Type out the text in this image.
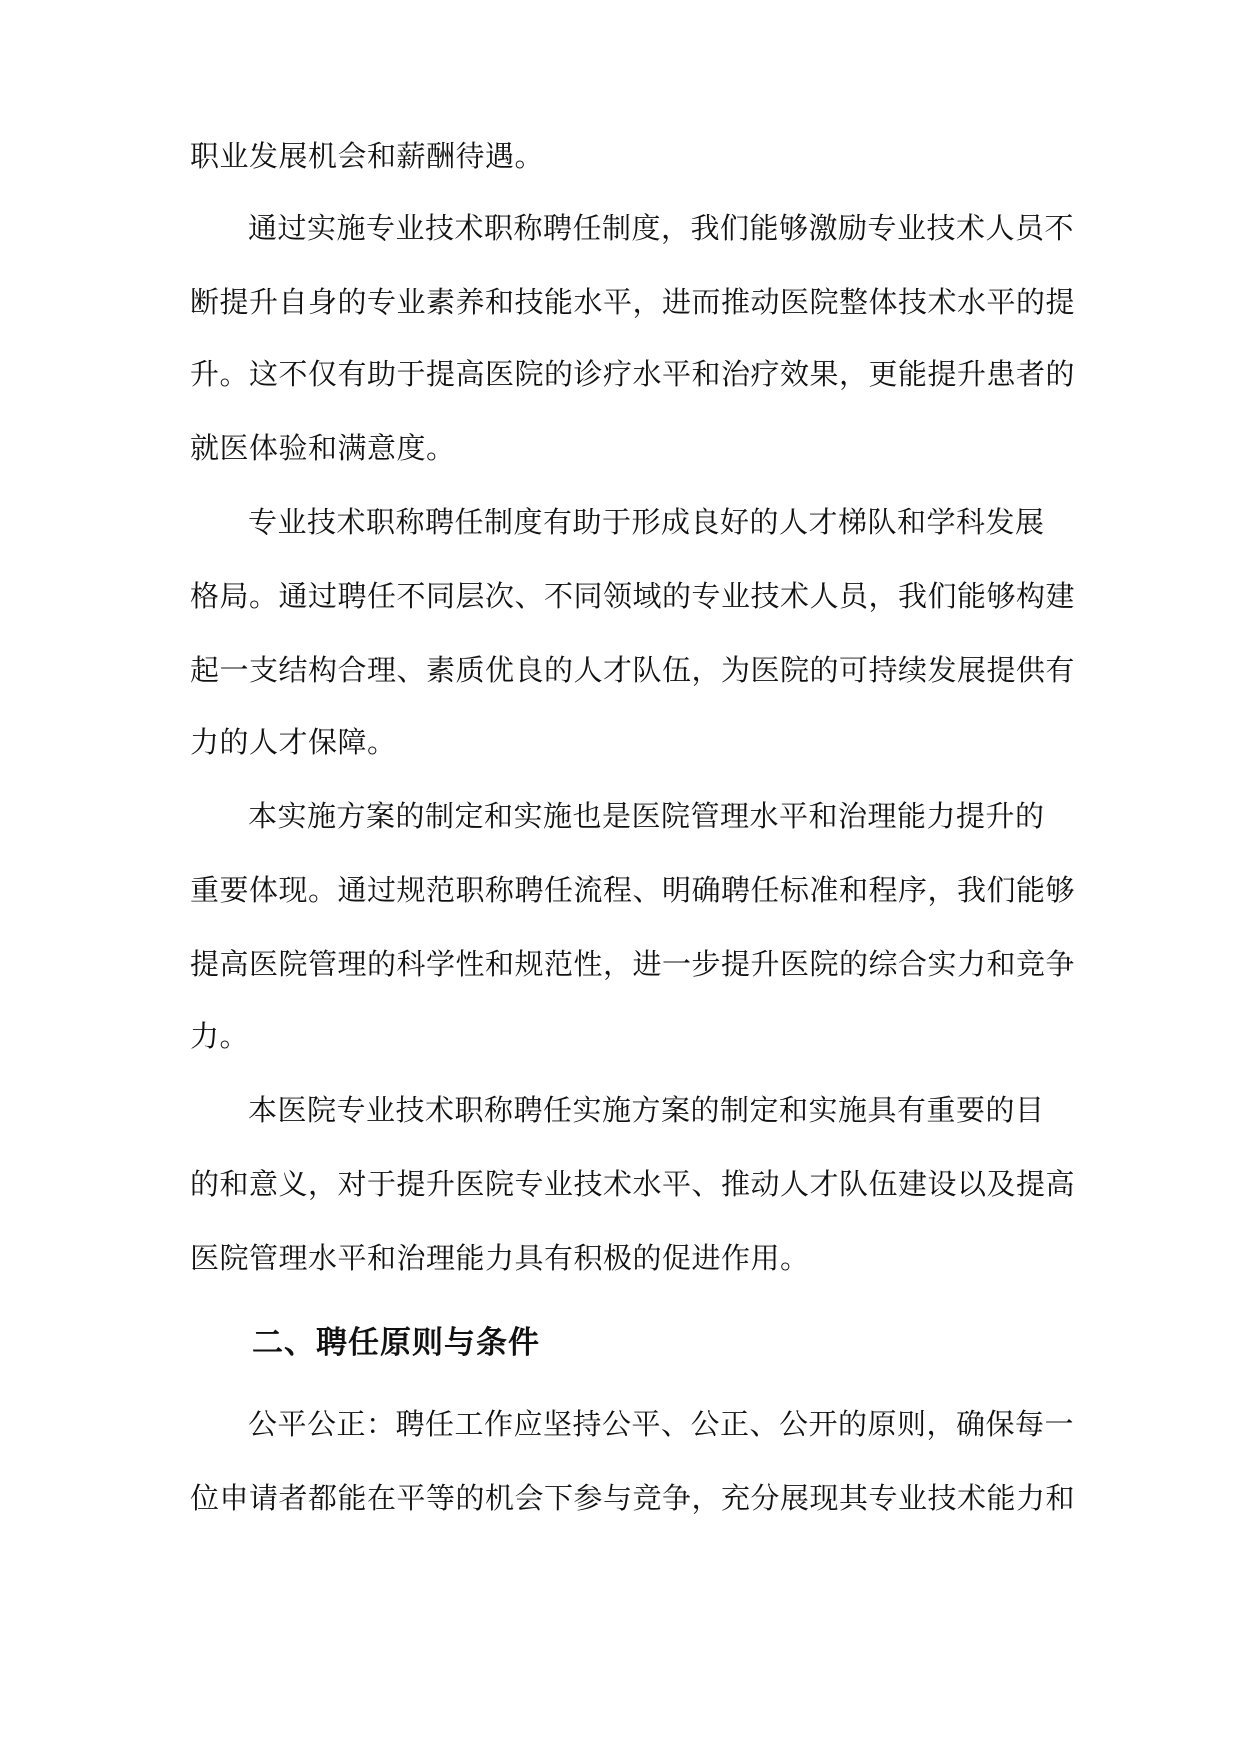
职业发展机会和薪酬待遇。
通过实施专业技术职称聘任制度，我们能够激励专业技术人员不
断提升自身的专业素养和技能水平，进而推动医院整体技术水平的提
升。这不仅有助于提高医院的诊疗水平和治疗效果，更能提升患者的
就医体验和满意度。
专业技术职称聘任制度有助于形成良好的人才梯队和学科发展
格局。通过聘任不同层次、不同领域的专业技术人员，我们能够构建
起一支结构合理、素质优良的人才队伍，为医院的可持续发展提供有
力的人才保障。
本实施方案的制定和实施也是医院管理水平和治理能力提升的
重要体现。通过规范职称聘任流程、明确聘任标准和程序，我们能够
提高医院管理的科学性和规范性，进一步提升医院的综合实力和竞争
力。
本医院专业技术职称聘任实施方案的制定和实施具有重要的目
的和意义，对于提升医院专业技术水平、推动人才队伍建设以及提高
医院管理水平和治理能力具有积极的促进作用。
二、聘任原则与条件
公平公正：聘任工作应坚持公平、公正、公开的原则，确保每一
位申请者都能在平等的机会下参与竞争，充分展现其专业技术能力和
